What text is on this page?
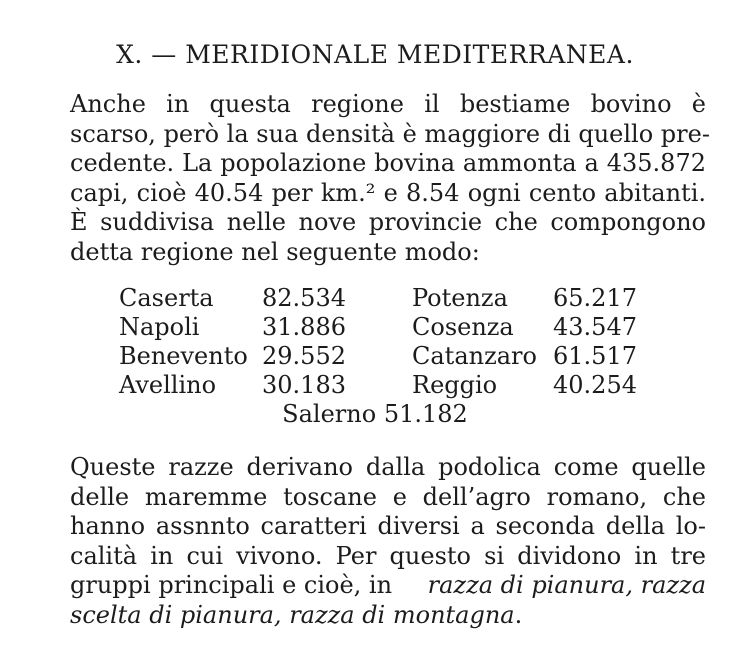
X. — MERIDIONALE MEDITERRANEA.
Anche in questa regione il bestiame bovino è
scarso, però la sua densità è maggiore di quello pre-
cedente. La popolazione bovina ammonta a 435.872
capi, cioè 40.54 per km.² e 8.54 ogni cento abitanti.
È suddivisa nelle nove provincie che compongono
detta regione nel seguente modo:
Caserta 82.534	Potenza 65.217
Napoli	31.886	Cosenza 43.547
Benevento 29.552	Catanzaro 61.517
Avellino 30.183	Reggio 40.254
Salerno 51.182
Queste razze derivano dalla podolica come quelle
delle maremme toscane e dell’agro romano, che
hanno assnnto caratteri diversi a seconda della lo-
calità in cui vivono. Per questo si dividono in tre
gruppi principali e cioè, in razza di pianura, razza
scelta di pianura, razza di montagna.
